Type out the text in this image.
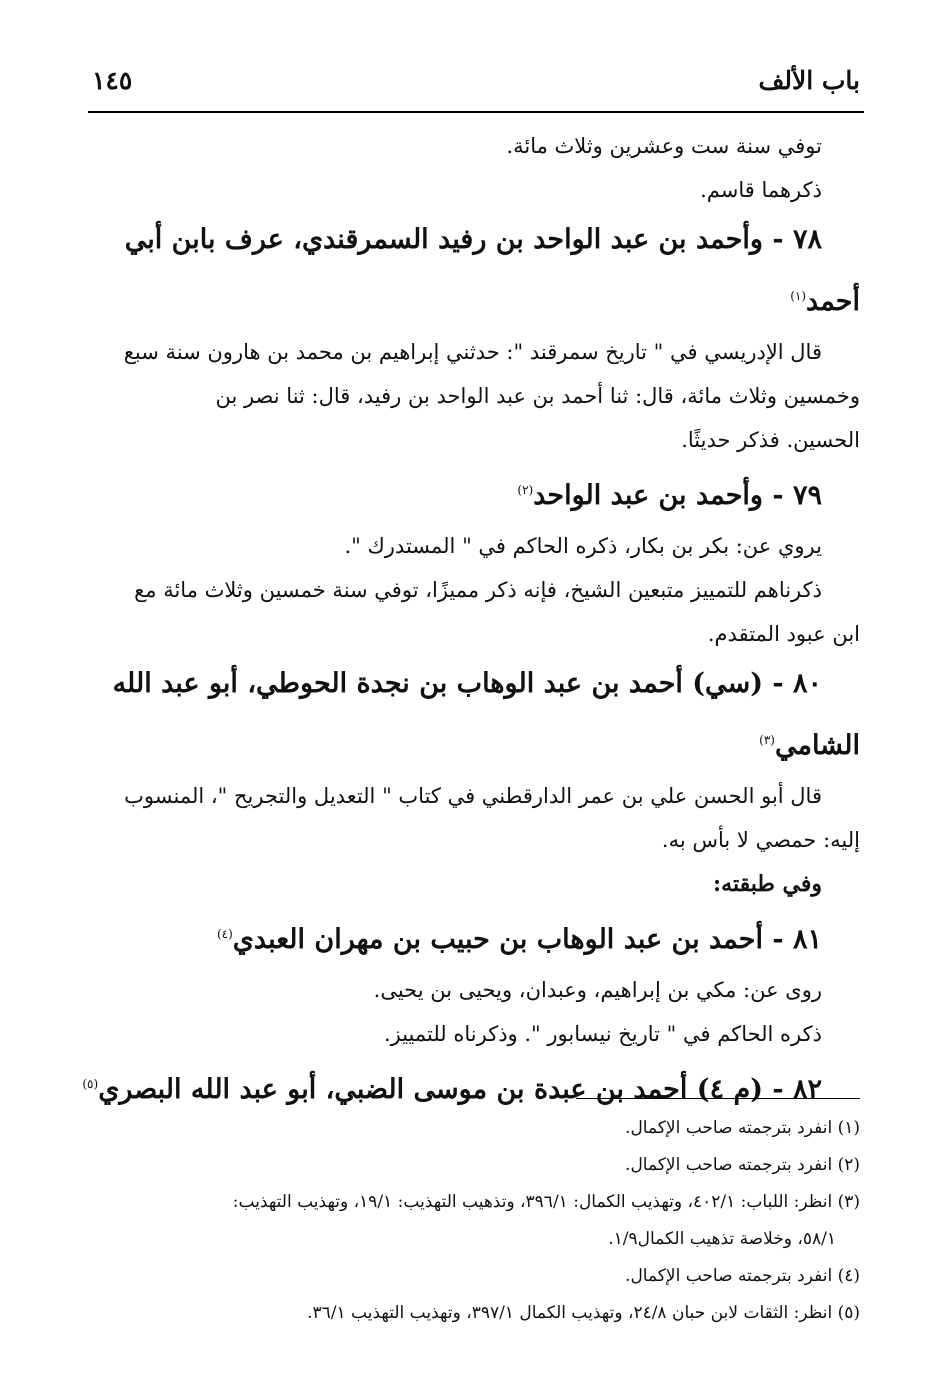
باب الألف
١٤٥
توفي سنة ست وعشرين وثلاث مائة.
ذكرهما قاسم.
٧٨ - وأحمد بن عبد الواحد بن رفيد السمرقندي، عرف بابن أبي
أحمد$^{(١)}$
قال الإدريسي في " تاريخ سمرقند ": حدثني إبراهيم بن محمد بن هارون سنة سبع
وخمسين وثلاث مائة، قال: ثنا أحمد بن عبد الواحد بن رفيد، قال: ثنا نصر بن
الحسين. فذكر حديثًا.
٧٩ - وأحمد بن عبد الواحد$^{(٢)}$
يروي عن: بكر بن بكار، ذكره الحاكم في " المستدرك ".
ذكرناهم للتمييز متبعين الشيخ، فإنه ذكر مميزًا، توفي سنة خمسين وثلاث مائة مع
ابن عبود المتقدم.
٨٠ - (سي) أحمد بن عبد الوهاب بن نجدة الحوطي، أبو عبد الله
الشامي$^{(٣)}$
قال أبو الحسن علي بن عمر الدارقطني في كتاب " التعديل والتجريح "، المنسوب
إليه: حمصي لا بأس به.
وفي طبقته:
٨١ - أحمد بن عبد الوهاب بن حبيب بن مهران العبدي$^{(٤)}$
روى عن: مكي بن إبراهيم، وعبدان، ويحيى بن يحيى.
ذكره الحاكم في " تاريخ نيسابور ". وذكرناه للتمييز.
٨٢ - (م ٤) أحمد بن عبدة بن موسى الضبي، أبو عبد الله البصري$^{(٥)}$
(١) انفرد بترجمته صاحب الإكمال.
(٢) انفرد بترجمته صاحب الإكمال.
(٣) انظر: اللباب: ٤٠٢/١، وتهذيب الكمال: ٣٩٦/١، وتذهيب التهذيب: ١٩/١، وتهذيب التهذيب:
٥٨/١، وخلاصة تذهيب الكمال١/٩.
(٤) انفرد بترجمته صاحب الإكمال.
(٥) انظر: الثقات لابن حبان ٢٤/٨، وتهذيب الكمال ٣٩٧/١، وتهذيب التهذيب ٣٦/١.
